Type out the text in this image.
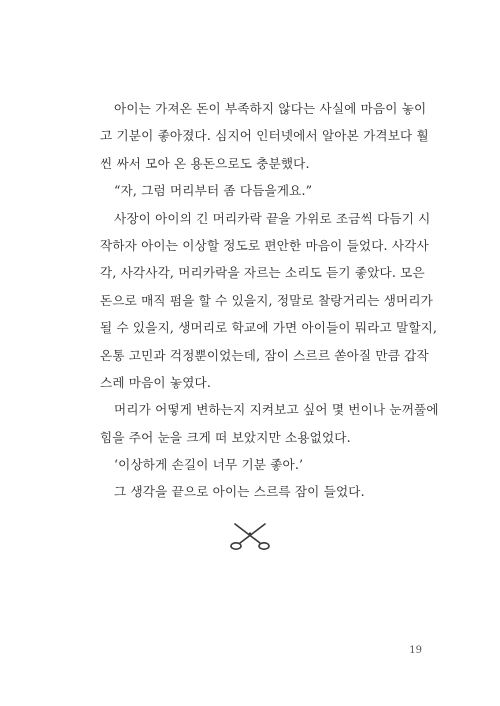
아이는 가져온 돈이 부족하지 않다는 사실에 마음이 놓이
고 기분이 좋아졌다. 심지어 인터넷에서 알아본 가격보다 훨
씬 싸서 모아 온 용돈으로도 충분했다.
“자, 그럼 머리부터 좀 다듬을게요.”
사장이 아이의 긴 머리카락 끝을 가위로 조금씩 다듬기 시
작하자 아이는 이상할 정도로 편안한 마음이 들었다. 사각사
각, 사각사각, 머리카락을 자르는 소리도 듣기 좋았다. 모은
돈으로 매직 펌을 할 수 있을지, 정말로 찰랑거리는 생머리가
될 수 있을지, 생머리로 학교에 가면 아이들이 뭐라고 말할지,
온통 고민과 걱정뿐이었는데, 잠이 스르르 쏟아질 만큼 갑작
스레 마음이 놓였다.
머리가 어떻게 변하는지 지켜보고 싶어 몇 번이나 눈꺼풀에
힘을 주어 눈을 크게 떠 보았지만 소용없었다.
‘이상하게 손길이 너무 기분 좋아.’
그 생각을 끝으로 아이는 스르륵 잠이 들었다.
19
